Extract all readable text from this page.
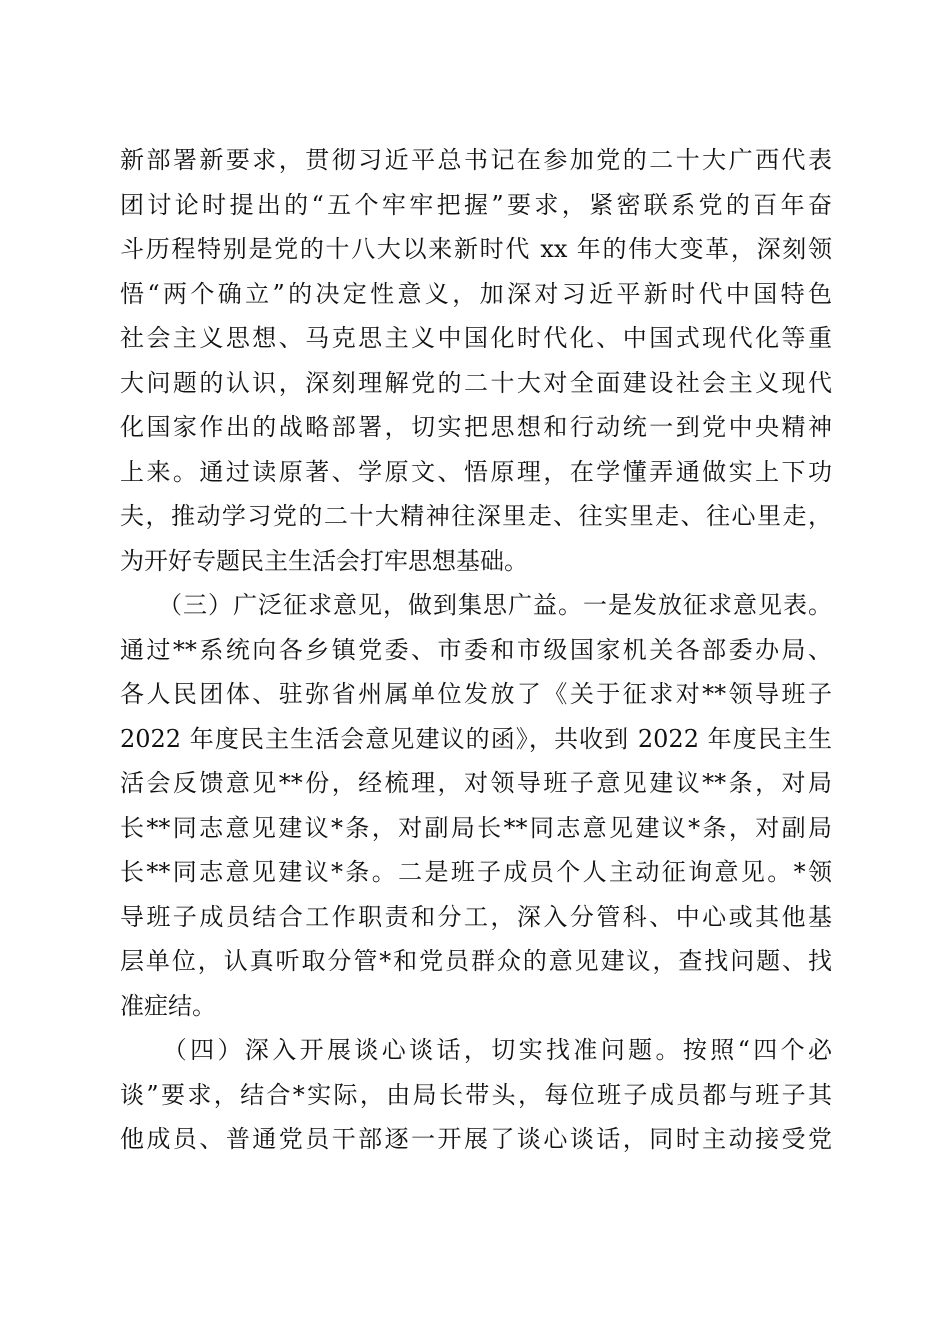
新部署新要求，贯彻习近平总书记在参加党的二十大广西代表
团讨论时提出的“五个牢牢把握”要求，紧密联系党的百年奋
斗历程特别是党的十八大以来新时代 xx 年的伟大变革，深刻领
悟“两个确立”的决定性意义，加深对习近平新时代中国特色
社会主义思想、马克思主义中国化时代化、中国式现代化等重
大问题的认识，深刻理解党的二十大对全面建设社会主义现代
化国家作出的战略部署，切实把思想和行动统一到党中央精神
上来。通过读原著、学原文、悟原理，在学懂弄通做实上下功
夫，推动学习党的二十大精神往深里走、往实里走、往心里走，
为开好专题民主生活会打牢思想基础。
　　（三）广泛征求意见，做到集思广益。一是发放征求意见表。
通过**系统向各乡镇党委、市委和市级国家机关各部委办局、
各人民团体、驻弥省州属单位发放了《关于征求对**领导班子
2022 年度民主生活会意见建议的函》，共收到 2022 年度民主生
活会反馈意见**份，经梳理，对领导班子意见建议**条，对局
长**同志意见建议*条，对副局长**同志意见建议*条，对副局
长**同志意见建议*条。二是班子成员个人主动征询意见。*领
导班子成员结合工作职责和分工，深入分管科、中心或其他基
层单位，认真听取分管*和党员群众的意见建议，查找问题、找
准症结。
　　（四）深入开展谈心谈话，切实找准问题。按照“四个必
谈”要求，结合*实际，由局长带头，每位班子成员都与班子其
他成员、普通党员干部逐一开展了谈心谈话，同时主动接受党
